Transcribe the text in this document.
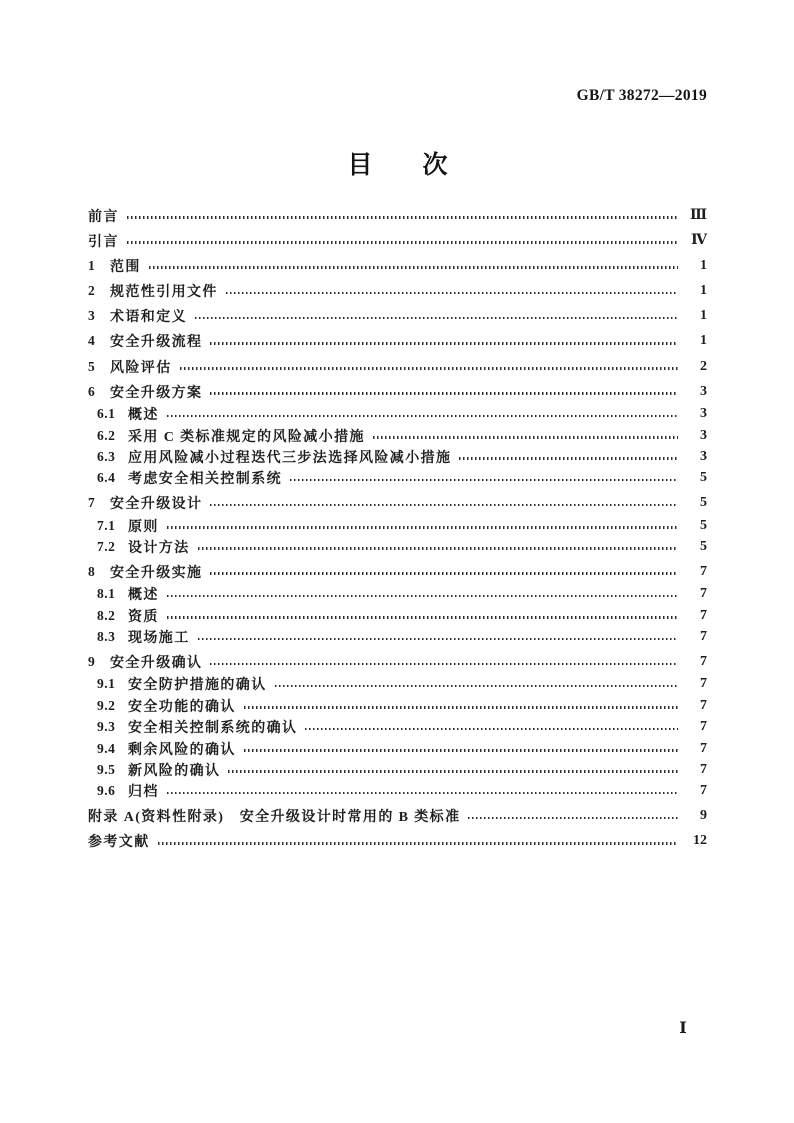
GB/T 38272—2019
目　　次
前言	Ⅲ
引言	Ⅳ
1	范围	1
2	规范性引用文件	1
3	术语和定义	1
4	安全升级流程	1
5	风险评估	2
6	安全升级方案	3
6.1 概述	3
6.2 采用 C 类标准规定的风险减小措施	3
6.3 应用风险减小过程迭代三步法选择风险减小措施	3
6.4 考虑安全相关控制系统	5
7	安全升级设计	5
7.1 原则	5
7.2 设计方法	5
8	安全升级实施	7
8.1 概述	7
8.2 资质	7
8.3 现场施工	7
9	安全升级确认	7
9.1 安全防护措施的确认	7
9.2 安全功能的确认	7
9.3 安全相关控制系统的确认	7
9.4 剩余风险的确认	7
9.5 新风险的确认	7
9.6 归档	7
附录 A(资料性附录)　安全升级设计时常用的 B 类标准	9
参考文献	12
Ⅰ
